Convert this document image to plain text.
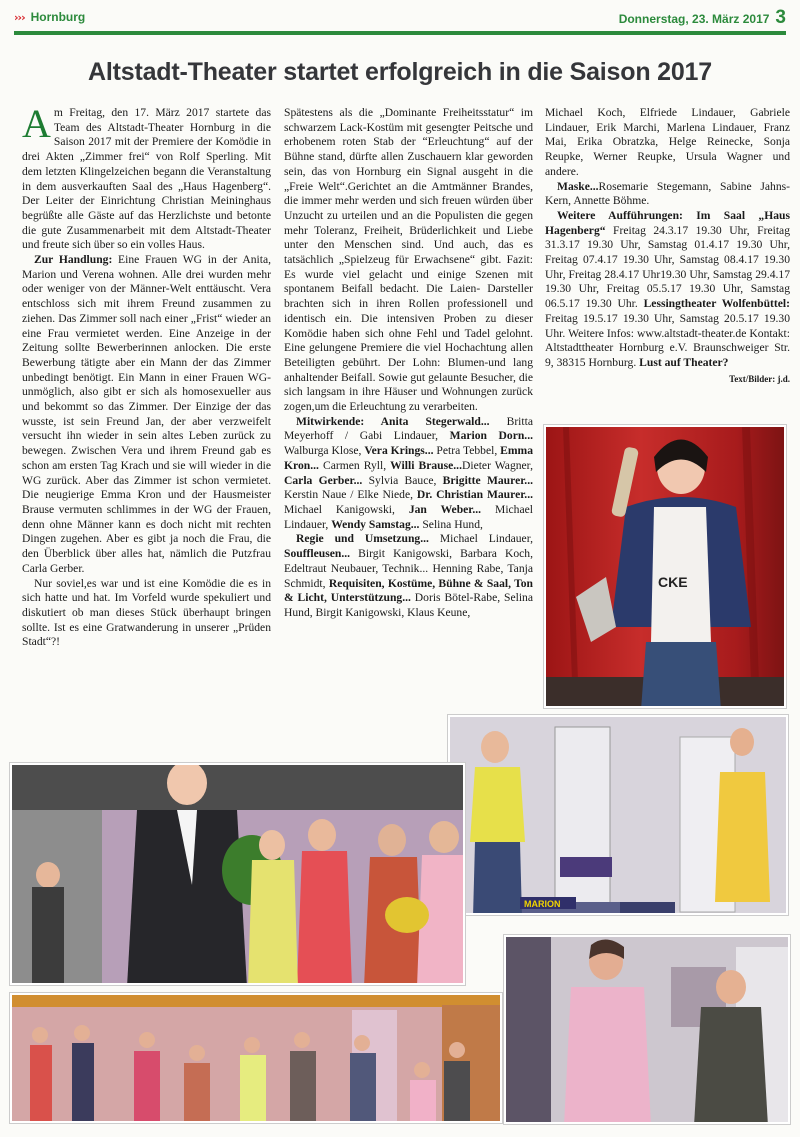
››› Hornburg	Donnerstag, 23. März 2017 3
Altstadt-Theater startet erfolgreich in die Saison 2017

Am Freitag, den 17. März 2017 startete das Team des Altstadt-Theater Hornburg in die Saison 2017 mit der Premiere der Komödie in drei Akten „Zimmer frei“ von Rolf Sperling. Mit dem letzten Klingelzeichen begann die Veranstaltung in dem ausverkauften Saal des „Haus Hagenberg“. Der Leiter der Einrichtung Christian Meininghaus begrüßte alle Gäste auf das Herzlichste und betonte die gute Zusammenarbeit mit dem Altstadt-Theater und freute sich über so ein volles Haus.

Zur Handlung: Eine Frauen WG in der Anita, Marion und Verena wohnen. Alle drei wurden mehr oder weniger von der Männer-Welt enttäuscht. Vera entschloss sich mit ihrem Freund zusammen zu ziehen. Das Zimmer soll nach einer „Frist“ wieder an eine Frau vermietet werden. Eine Anzeige in der Zeitung sollte Bewerberinnen anlocken. Die erste Bewerbung tätigte aber ein Mann der das Zimmer unbedingt benötigt. Ein Mann in einer Frauen WG- unmöglich, also gibt er sich als homosexueller aus und bekommt so das Zimmer. Der Einzige der das wusste, ist sein Freund Jan, der aber verzweifelt versucht ihn wieder in sein altes Leben zurück zu bewegen. Zwischen Vera und ihrem Freund gab es schon am ersten Tag Krach und sie will wieder in die WG zurück. Aber das Zimmer ist schon vermietet. Die neugierige Emma Kron und der Hausmeister Brause vermuten schlimmes in der WG der Frauen, denn ohne Männer kann es doch nicht mit rechten Dingen zugehen. Aber es gibt ja noch die Frau, die den Überblick über alles hat, nämlich die Putzfrau Carla Gerber.

Nur soviel,es war und ist eine Komödie die es in sich hatte und hat. Im Vorfeld wurde spekuliert und diskutiert ob man dieses Stück überhaupt bringen sollte. Ist es eine Gratwanderung in unserer „Prüden Stadt“?!

Spätestens als die „Dominante Freiheitsstatur“ im schwarzem Lack-Kostüm mit gesengter Peitsche und erhobenem roten Stab der “Erleuchtung“ auf der Bühne stand, dürfte allen Zuschauern klar geworden sein, das von Hornburg ein Signal ausgeht in die „Freie Welt“.Gerichtet an die Amtmänner Brandes, die immer mehr werden und sich freuen würden über Unzucht zu urteilen und an die Populisten die gegen mehr Toleranz, Freiheit, Brüderlichkeit und Liebe unter den Menschen sind. Und auch, das es tatsächlich „Spielzeug für Erwachsene“ gibt. Fazit: Es wurde viel gelacht und einige Szenen mit spontanem Beifall bedacht. Die Laien- Darsteller brachten sich in ihren Rollen professionell und identisch ein. Die intensiven Proben zu dieser Komödie haben sich ohne Fehl und Tadel gelohnt. Eine gelungene Premiere die viel Hochachtung allen Beteiligten gebührt. Der Lohn: Blumen-und lang anhaltender Beifall. Sowie gut gelaunte Besucher, die sich langsam in ihre Häuser und Wohnungen zurück zogen,um die Erleuchtung zu verarbeiten.

Mitwirkende: Anita Stegerwald... Britta Meyerhoff / Gabi Lindauer, Marion Dorn... Walburga Klose, Vera Krings... Petra Tebbel, Emma Kron... Carmen Ryll, Willi Brause...Dieter Wagner, Carla Gerber... Sylvia Bauce, Brigitte Maurer... Kerstin Naue / Elke Niede, Dr. Christian Maurer... Michael Kanigowski, Jan Weber... Michael Lindauer, Wendy Samstag... Selina Hund,

Regie und Umsetzung... Michael Lindauer, Souffleusen... Birgit Kanigowski, Barbara Koch, Edeltraut Neubauer, Technik... Henning Rabe, Tanja Schmidt, Requisiten, Kostüme, Bühne & Saal, Ton & Licht, Unterstützung... Doris Bötel-Rabe, Selina Hund, Birgit Kanigowski, Klaus Keune,

Michael Koch, Elfriede Lindauer, Gabriele Lindauer, Erik Marchi, Marlena Lindauer, Franz Mai, Erika Obratzka, Helge Reinecke, Sonja Reupke, Werner Reupke, Ursula Wagner und andere.

Maske...Rosemarie Stegemann, Sabine Jahns-Kern, Annette Böhme.

Weitere Aufführungen: Im Saal „Haus Hagenberg“ Freitag 24.3.17 19.30 Uhr, Freitag 31.3.17 19.30 Uhr, Samstag 01.4.17 19.30 Uhr, Freitag 07.4.17 19.30 Uhr, Samstag 08.4.17 19.30 Uhr, Freitag 28.4.17 Uhr19.30 Uhr, Samstag 29.4.17 19.30 Uhr, Freitag 05.5.17 19.30 Uhr, Samstag 06.5.17 19.30 Uhr. Lessingtheater Wolfenbüttel: Freitag 19.5.17 19.30 Uhr, Samstag 20.5.17 19.30 Uhr. Weitere Infos: www.altstadt-theater.de Kontakt: Altstadttheater Hornburg e.V. Braunschweiger Str. 9, 38315 Hornburg. Lust auf Theater?

Text/Bilder: j.d.
CKE
MARION
